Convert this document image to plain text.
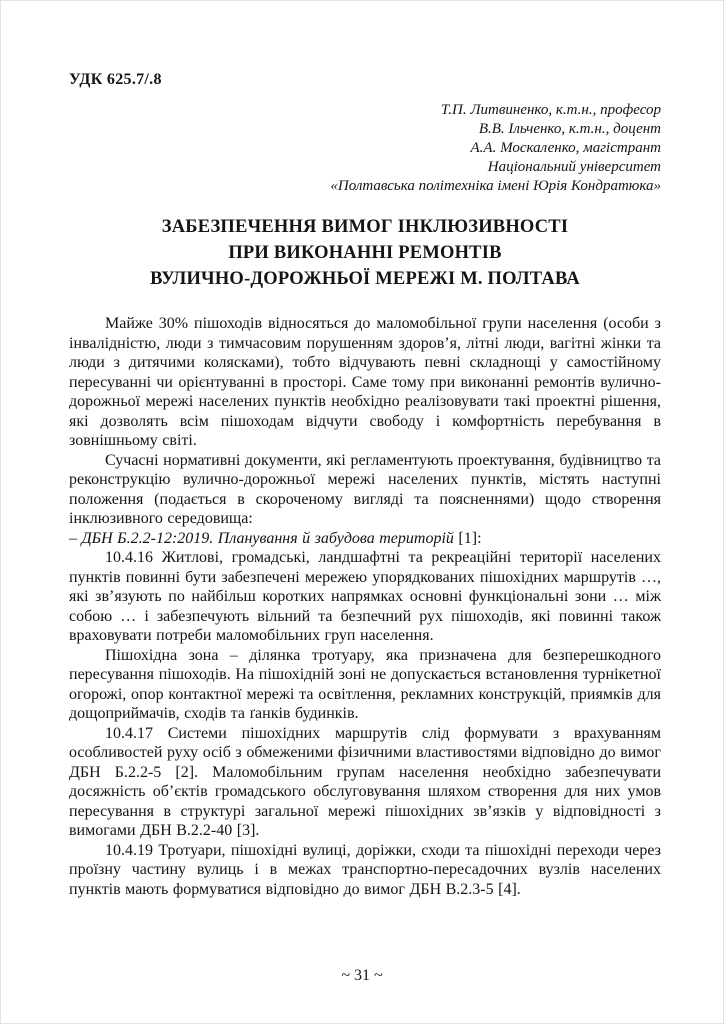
УДК 625.7/.8
Т.П. Литвиненко, к.т.н., професор
В.В. Ільченко, к.т.н., доцент
А.А. Москаленко, магістрант
Національний університет
«Полтавська політехніка імені Юрія Кондратюка»
ЗАБЕЗПЕЧЕННЯ ВИМОГ ІНКЛЮЗИВНОСТІ
ПРИ ВИКОНАННІ РЕМОНТІВ
ВУЛИЧНО-ДОРОЖНЬОЇ МЕРЕЖІ М. ПОЛТАВА

Майже 30% пішоходів відносяться до маломобільної групи населення (особи з інвалідністю, люди з тимчасовим порушенням здоров’я, літні люди, вагітні жінки та люди з дитячими колясками), тобто відчувають певні складнощі у самостійному пересуванні чи орієнтуванні в просторі. Саме тому при виконанні ремонтів вулично-дорожньої мережі населених пунктів необхідно реалізовувати такі проектні рішення, які дозволять всім пішоходам відчути свободу і комфортність перебування в зовнішньому світі.

Сучасні нормативні документи, які регламентують проектування, будівництво та реконструкцію вулично-дорожньої мережі населених пунктів, містять наступні положення (подається в скороченому вигляді та поясненнями) щодо створення інклюзивного середовища:

– ДБН Б.2.2-12:2019. Планування й забудова територій [1]:

10.4.16 Житлові, громадські, ландшафтні та рекреаційні території населених пунктів повинні бути забезпечені мережею упорядкованих пішохідних маршрутів …, які зв’язують по найбільш коротких напрямках основні функціональні зони … між собою … і забезпечують вільний та безпечний рух пішоходів, які повинні також враховувати потреби маломобільних груп населення.

Пішохідна зона – ділянка тротуару, яка призначена для безперешкодного пересування пішоходів. На пішохідній зоні не допускається встановлення турнікетної огорожі, опор контактної мережі та освітлення, рекламних конструкцій, приямків для дощоприймачів, сходів та ґанків будинків.

10.4.17 Системи пішохідних маршрутів слід формувати з врахуванням особливостей руху осіб з обмеженими фізичними властивостями відповідно до вимог ДБН Б.2.2-5 [2]. Маломобільним групам населення необхідно забезпечувати досяжність об’єктів громадського обслуговування шляхом створення для них умов пересування в структурі загальної мережі пішохідних зв’язків у відповідності з вимогами ДБН В.2.2-40 [3].

10.4.19 Тротуари, пішохідні вулиці, доріжки, сходи та пішохідні переходи через проїзну частину вулиць і в межах транспортно-пересадочних вузлів населених пунктів мають формуватися відповідно до вимог ДБН В.2.3-5 [4].

~ 31 ~
